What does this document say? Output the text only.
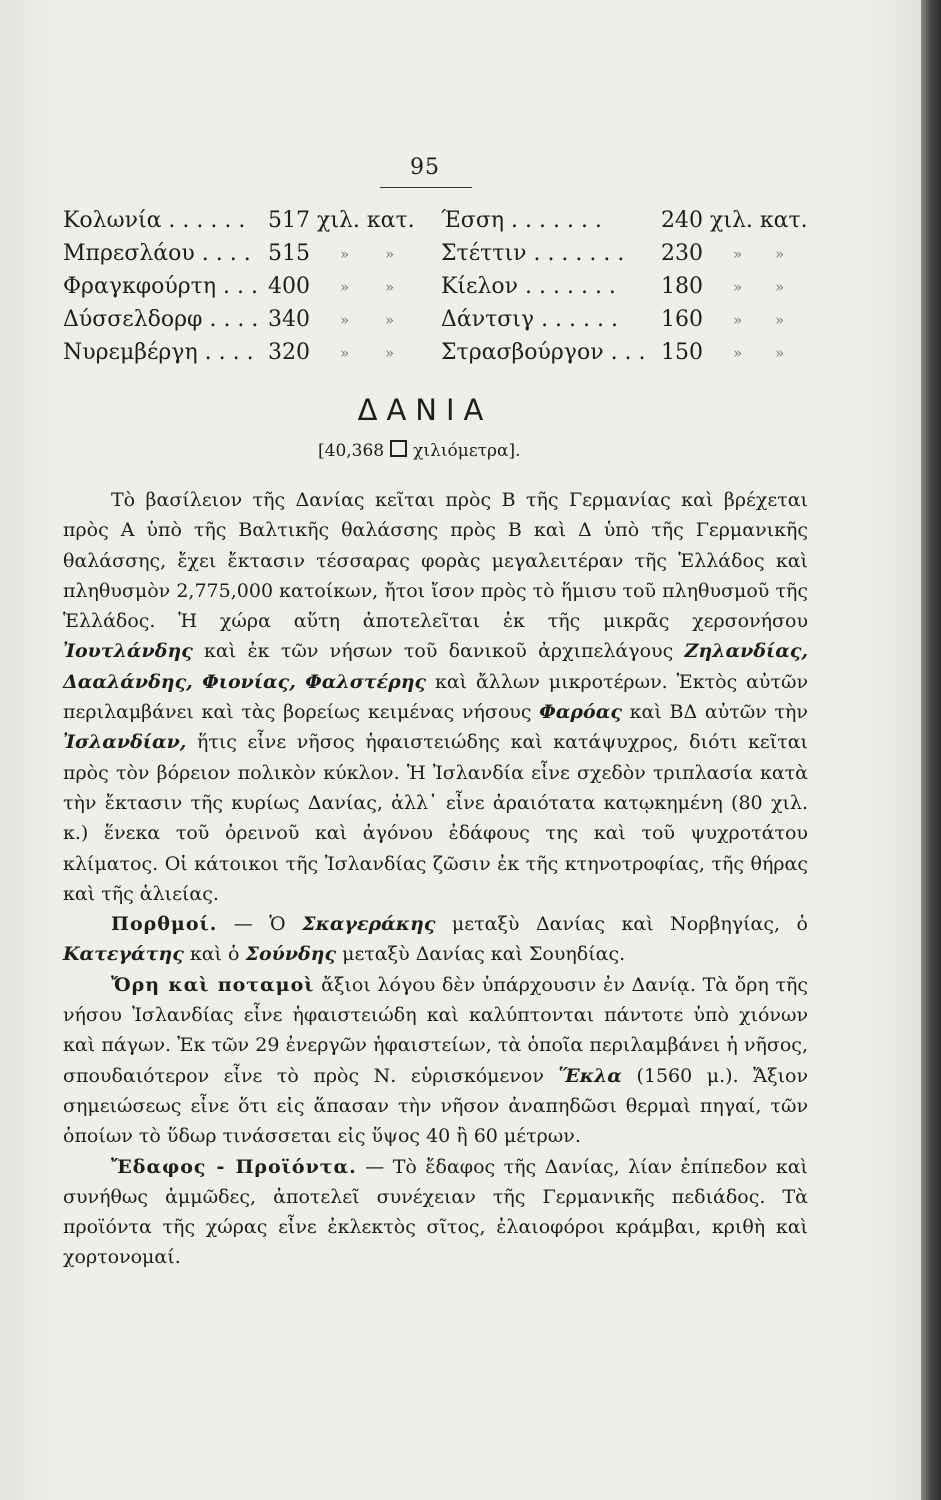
95
Κολωνία . . . . . . 517 χιλ. κατ. Έσση . . . . . . .	240 χιλ. κατ.
Μπρεσλάου . . . . 515 » » Στέττιν . . . . . . . 230 » »
Φραγκφούρτη . . . 400 » » Κίελον . . . . . . . 180 » »
Δύσσελδορφ . . . . 340 » » Δάντσιγ . . . . . . 160 » »
Νυρεμβέργη . . . . 320 » » Στρασβούργον . . . 150 » »
ΔΑΝΙΑ
[40,368 χιλιόμετρα].

Τὸ βασίλειον τῆς Δανίας κεῖται πρὸς Β τῆς Γερμανίας καὶ βρέχεται πρὸς Α ὑπὸ τῆς Βαλτικῆς θαλάσσης πρὸς Β καὶ Δ ὑπὸ τῆς Γερμανικῆς θαλάσσης, ἔχει ἔκτασιν τέσσαρας φορὰς μεγαλειτέραν τῆς Ἑλλάδος καὶ πληθυσμὸν 2,775,000 κατοίκων, ἤτοι ἴσον πρὸς τὸ ἥμισυ τοῦ πληθυσμοῦ τῆς Ἑλλάδος. Ἡ χώρα αὕτη ἀποτελεῖται ἐκ τῆς μικρᾶς χερσονήσου Ἰουτλάνδης καὶ ἐκ τῶν νήσων τοῦ δανικοῦ ἀρχιπελάγους Ζηλανδίας, Δααλάνδης, Φιονίας, Φαλστέρης καὶ ἄλλων μικροτέρων. Ἐκτὸς αὐτῶν περιλαμβάνει καὶ τὰς βορείως κειμένας νήσους Φαρόας καὶ ΒΔ αὐτῶν τὴν Ἰσλανδίαν, ἥτις εἶνε νῆσος ἡφαιστειώδης καὶ κατάψυχρος, διότι κεῖται πρὸς τὸν βόρειον πολικὸν κύκλον. Ἡ Ἰσλανδία εἶνε σχεδὸν τριπλασία κατὰ τὴν ἔκτασιν τῆς κυρίως Δανίας, ἀλλ᾽ εἶνε ἀραιότατα κατῳκημένη (80 χιλ. κ.) ἕνεκα τοῦ ὀρεινοῦ καὶ ἀγόνου ἐδάφους της καὶ τοῦ ψυχροτάτου κλίματος. Οἱ κάτοικοι τῆς Ἰσλανδίας ζῶσιν ἐκ τῆς κτηνοτροφίας, τῆς θήρας καὶ τῆς ἁλιείας.

Πορθμοί. — Ὁ Σκαγεράκης μεταξὺ Δανίας καὶ Νορβηγίας, ὁ Κατεγάτης καὶ ὁ Σούνδης μεταξὺ Δανίας καὶ Σουηδίας.

Ὄρη καὶ ποταμοὶ ἄξιοι λόγου δὲν ὑπάρχουσιν ἐν Δανίᾳ. Τὰ ὄρη τῆς νήσου Ἰσλανδίας εἶνε ἡφαιστειώδη καὶ καλύπτονται πάντοτε ὑπὸ χιόνων καὶ πάγων. Ἐκ τῶν 29 ἐνεργῶν ἡφαιστείων, τὰ ὁποῖα περιλαμβάνει ἡ νῆσος, σπουδαιότερον εἶνε τὸ πρὸς Ν. εὑρισκόμενον Ἕκλα (1560 μ.). Ἄξιον σημειώσεως εἶνε ὅτι εἰς ἅπασαν τὴν νῆσον ἀναπηδῶσι θερμαὶ πηγαί, τῶν ὁποίων τὸ ὕδωρ τινάσσεται εἰς ὕψος 40 ἢ 60 μέτρων.

Ἔδαφος - Προϊόντα. — Τὸ ἔδαφος τῆς Δανίας, λίαν ἐπίπεδον καὶ συνήθως ἀμμῶδες, ἀποτελεῖ συνέχειαν τῆς Γερμανικῆς πεδιάδος. Τὰ προϊόντα τῆς χώρας εἶνε ἐκλεκτὸς σῖτος, ἐλαιοφόροι κράμβαι, κριθὴ καὶ χορτονομαί.
